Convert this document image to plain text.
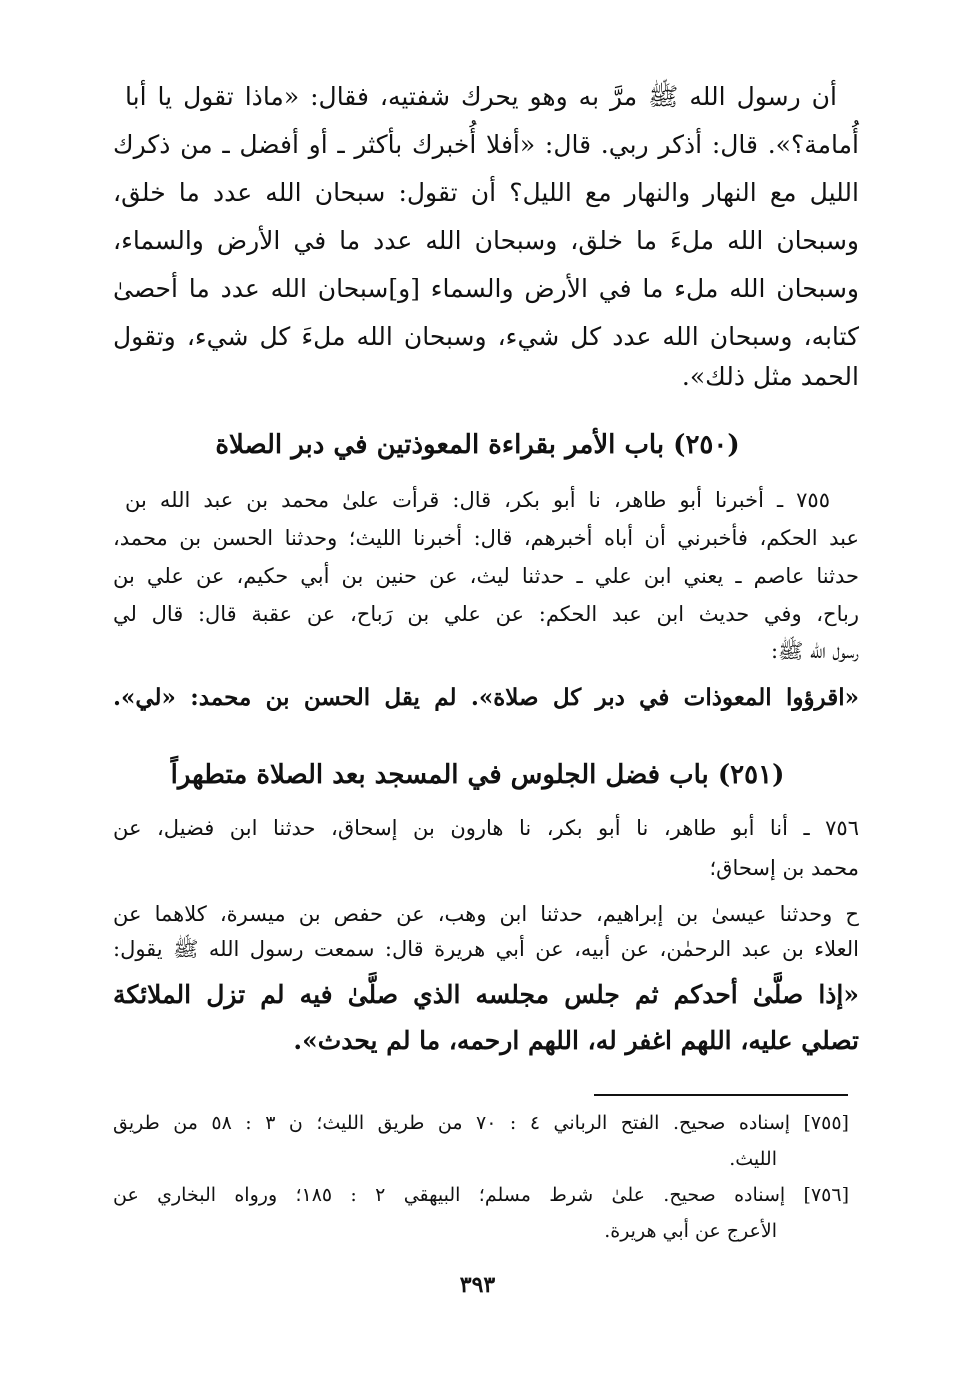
أن رسول الله ﷺ مرَّ به وهو يحرك شفتيه، فقال: «ماذا تقول يا أبا
أُمامة؟». قال: أذكر ربي. قال: «أفلا أُخبرك بأكثر ـ أو أفضل ـ من ذكرك
الليل مع النهار والنهار مع الليل؟ أن تقول: سبحان الله عدد ما خلق،
وسبحان الله ملءَ ما خلق، وسبحان الله عدد ما في الأرض والسماء،
وسبحان الله ملء ما في الأرض والسماء [و]سبحان الله عدد ما أحصىٰ
كتابه، وسبحان الله عدد كل شيء، وسبحان الله ملءَ كل شيء، وتقول
الحمد مثل ذلك».
(٢٥٠) باب الأمر بقراءة المعوذتين في دبر الصلاة
٧٥٥ ـ أخبرنا أبو طاهر، نا أبو بكر، قال: قرأت علىٰ محمد بن عبد الله بن
عبد الحكم، فأخبرني أن أباه أخبرهم، قال: أخبرنا الليث؛ وحدثنا الحسن بن محمد،
حدثنا عاصم ـ يعني ابن علي ـ حدثنا ليث، عن حنين بن أبي حكيم، عن علي بن
رباح، وفي حديث ابن عبد الحكم: عن علي بن رَباح، عن عقبة قال: قال لي
رسول الله ﷺ:
«اقرؤوا المعوذات في دبر كل صلاة». لم يقل الحسن بن محمد: «لي».
(٢٥١) باب فضل الجلوس في المسجد بعد الصلاة متطهراً
٧٥٦ ـ أنا أبو طاهر، نا أبو بكر، نا هارون بن إسحاق، حدثنا ابن فضيل، عن
محمد بن إسحاق؛
ح وحدثنا عيسىٰ بن إبراهيم، حدثنا ابن وهب، عن حفص بن ميسرة، كلاهما عن
العلاء بن عبد الرحمٰن، عن أبيه، عن أبي هريرة قال: سمعت رسول الله ﷺ يقول:
«إذا صلَّىٰ أحدكم ثم جلس مجلسه الذي صلَّىٰ فيه لم تزل الملائكة
تصلي عليه، اللهم اغفر له، اللهم ارحمه، ما لم يحدث».
[٧٥٥] إسناده صحيح. الفتح الرباني ٤ : ٧٠ من طريق الليث؛ ن ٣ : ٥٨ من طريق
الليث.
[٧٥٦] إسناده صحيح. علىٰ شرط مسلم؛ البيهقي ٢ : ١٨٥؛ ورواه البخاري عن
الأعرج عن أبي هريرة.
٣٩٣
